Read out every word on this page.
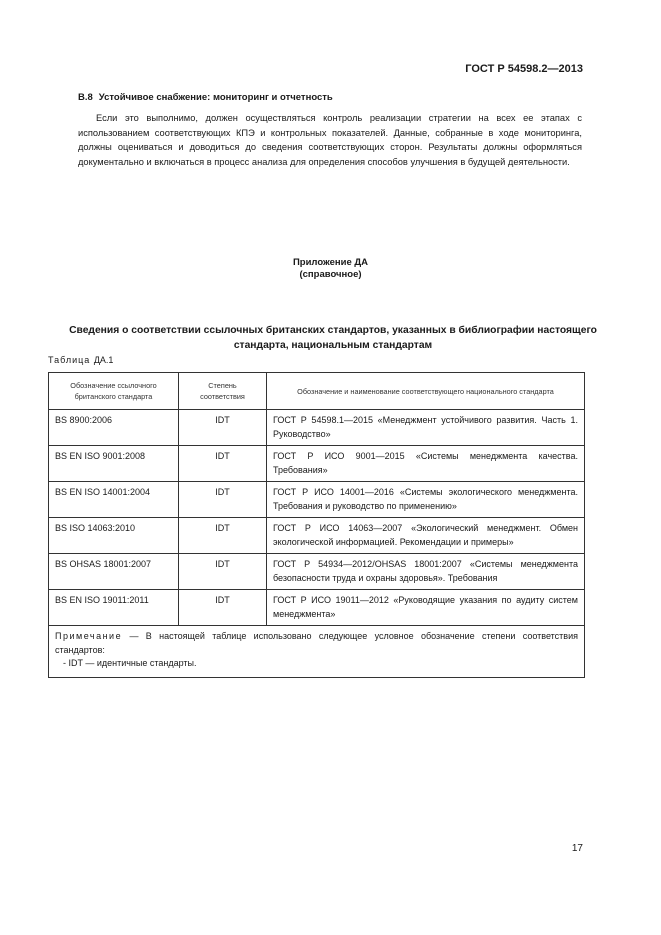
ГОСТ Р 54598.2—2013
В.8 Устойчивое снабжение: мониторинг и отчетность

Если это выполнимо, должен осуществляться контроль реализации стратегии на всех ее этапах с использованием соответствующих КПЭ и контрольных показателей. Данные, собранные в ходе мониторинга, должны оцениваться и доводиться до сведения соответствующих сторон. Результаты должны оформляться документально и включаться в процесс анализа для определения способов улучшения в будущей деятельности.

Приложение ДА
(справочное)
Сведения о соответствии ссылочных британских стандартов, указанных в библиографии настоящего стандарта, национальным стандартам
Таблица ДА.1
Обозначение ссылочного британского стандарта	Степень соответствия	Обозначение и наименование соответствующего национального стандарта
BS 8900:2006	IDT	ГОСТ Р 54598.1—2015 «Менеджмент устойчивого развития. Часть 1. Руководство»
BS EN ISO 9001:2008	IDT	ГОСТ Р ИСО 9001—2015 «Системы менеджмента качества. Требования»
BS EN ISO 14001:2004	IDT	ГОСТ Р ИСО 14001—2016 «Системы экологического менеджмента. Требования и руководство по применению»
BS ISO 14063:2010	IDT	ГОСТ Р ИСО 14063—2007 «Экологический менеджмент. Обмен экологической информацией. Рекомендации и примеры»
BS OHSAS 18001:2007	IDT	ГОСТ Р 54934—2012/OHSAS 18001:2007 «Системы менеджмента безопасности труда и охраны здоровья». Требования
BS EN ISO 19011:2011	IDT	ГОСТ Р ИСО 19011—2012 «Руководящие указания по аудиту систем менеджмента»

Примечание — В настоящей таблице использовано следующее условное обозначение степени соответствия стандартов:
- IDT — идентичные стандарты.		
17
